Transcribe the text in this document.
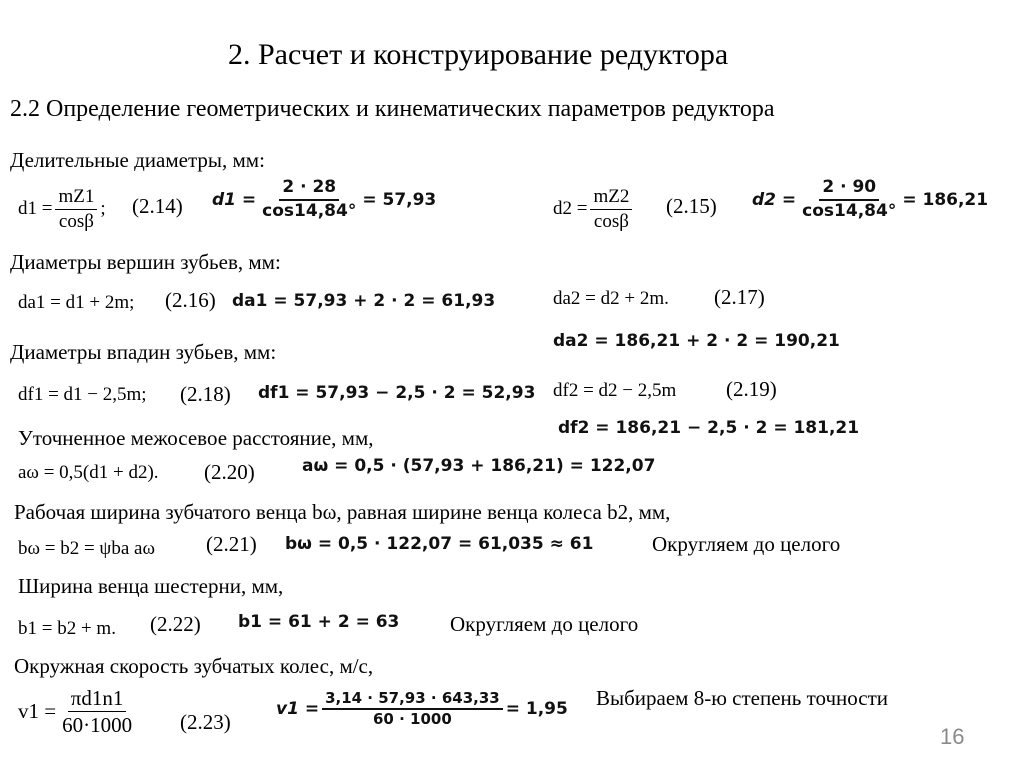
2. Расчет и конструирование редуктора
2.2 Определение геометрических и кинематических параметров редуктора
Делительные диаметры, мм:
$d1 = \frac{mZ1}{\cos\beta}$ ; (2.14) $d1 = \frac{2 \cdot 28}{\cos 14,84^\circ} = 57,93$	$d2 = \frac{mZ2}{\cos\beta} (2.15) d2 = \frac{2 \cdot 90}{\cos 14,84^\circ} = 186,21$
Диаметры вершин зубьев, мм:
da1 = d1 + 2m; (2.16) da1 = 57,93 + 2 · 2 = 61,93	da2 = d2 + 2m. (2.17)
da2 = 186,21 + 2 · 2 = 190,21
Диаметры впадин зубьев, мм:
df1 = d1 − 2,5m; (2.18) df1 = 57,93 − 2,5 · 2 = 52,93 df2 = d2 − 2,5m (2.19)
df2 = 186,21 − 2,5 · 2 = 181,21
Уточненное межосевое расстояние, мм,
aω = 0,5(d1 + d2). (2.20)	aω = 0,5 · (57,93 + 186,21) = 122,07
Рабочая ширина зубчатого венца bω, равная ширине венца колеса b2, мм,
bω = b2 = ψba aω (2.21) bω = 0,5 · 122,07 = 61,035 ≈ 61	Округляем до целого
Ширина венца шестерни, мм,
b1 = b2 + m. (2.22) b1 = 61 + 2 = 63 Округляем до целого
Окружная скорость зубчатых колес, м/с,
$v1 = \frac{\pi d1n1}{60\cdot 1000} (2.23)$
$v1 = \frac{3,14 \cdot 57,93 \cdot 643,33}{60 \cdot 1000} = 1,95$ Выбираем 8-ю степень точности
16
